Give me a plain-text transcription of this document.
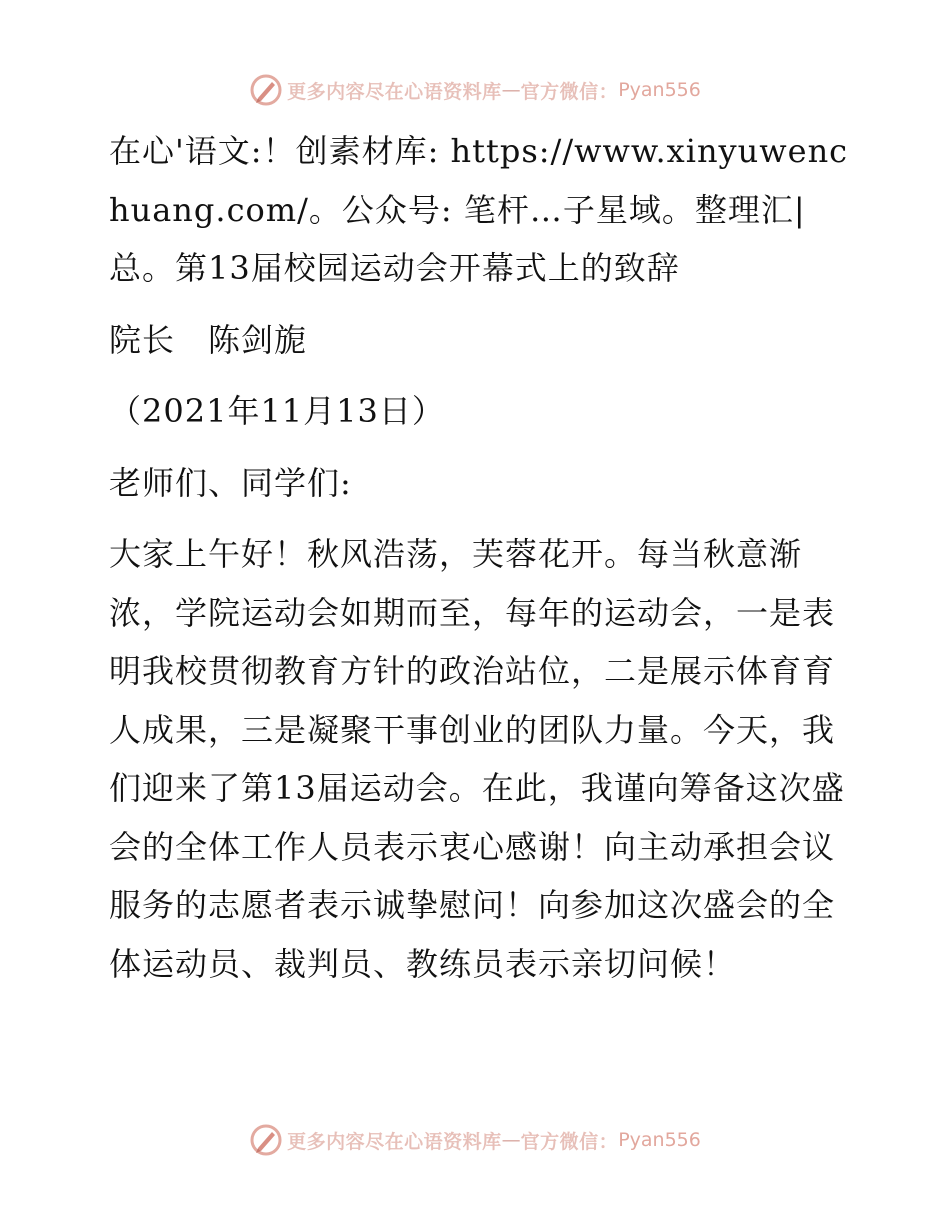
更多内容尽在心语资料库 — 官方微信： Pyan556

在心'语文:！创素材库: https://www.xinyuwenchuang.com/。公众号: 笔杆…子星域。整理汇|总。第13届校园运动会开幕式上的致辞

院长　陈剑旎

（2021年11月13日）

老师们、同学们:

大家上午好！秋风浩荡，芙蓉花开。每当秋意渐浓，学院运动会如期而至，每年的运动会，一是表明我校贯彻教育方针的政治站位，二是展示体育育人成果，三是凝聚干事创业的团队力量。今天，我们迎来了第13届运动会。在此，我谨向筹备这次盛会的全体工作人员表示衷心感谢！向主动承担会议服务的志愿者表示诚挚慰问！向参加这次盛会的全体运动员、裁判员、教练员表示亲切问候！

更多内容尽在心语资料库 — 官方微信： Pyan556
